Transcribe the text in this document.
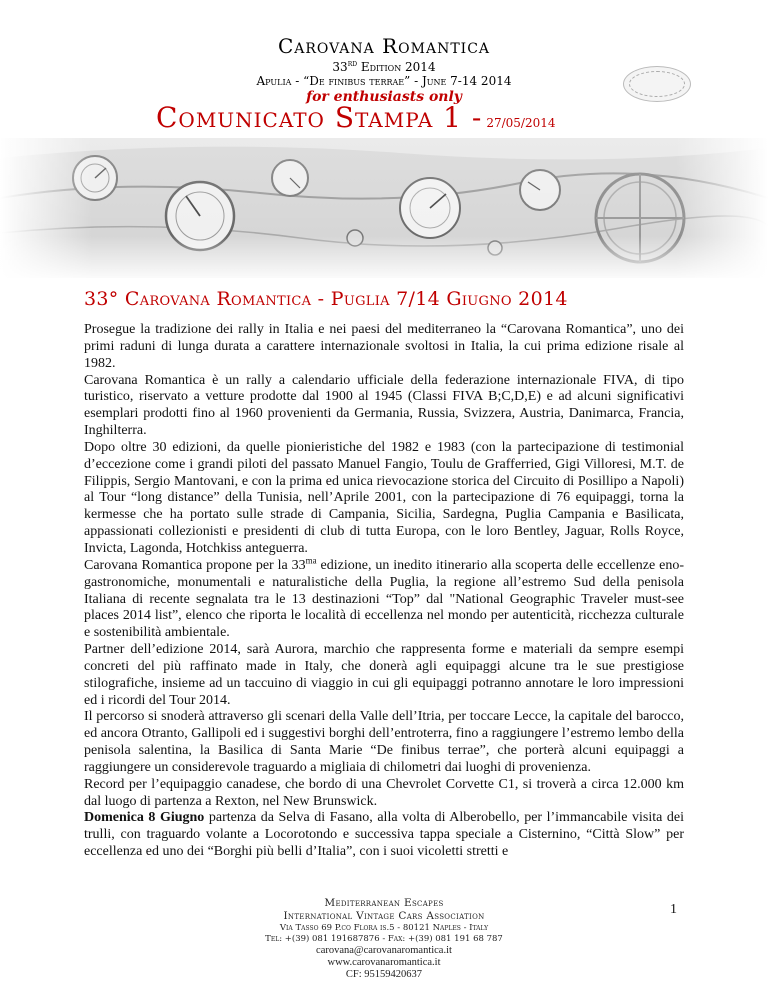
Carovana Romantica
33rd Edition 2014
Apulia - “De finibus terrae” - June 7-14 2014
for enthusiasts only
Comunicato Stampa 1 - 27/05/2014
33° Carovana Romantica - Puglia 7/14 Giugno 2014

Prosegue la tradizione dei rally in Italia e nei paesi del mediterraneo la “Carovana Romantica”, uno dei primi raduni di lunga durata a carattere internazionale svoltosi in Italia, la cui prima edizione risale al 1982.

Carovana Romantica è un rally a calendario ufficiale della federazione internazionale FIVA, di tipo turistico, riservato a vetture prodotte dal 1900 al 1945 (Classi FIVA B;C,D,E) e ad alcuni significativi esemplari prodotti fino al 1960 provenienti da Germania, Russia, Svizzera, Austria, Danimarca, Francia, Inghilterra.

Dopo oltre 30 edizioni, da quelle pionieristiche del 1982 e 1983 (con la partecipazione di testimonial d’eccezione come i grandi piloti del passato Manuel Fangio, Toulu de Grafferried, Gigi Villoresi, M.T. de Filippis, Sergio Mantovani, e con la prima ed unica rievocazione storica del Circuito di Posillipo a Napoli) al Tour “long distance” della Tunisia, nell’Aprile 2001, con la partecipazione di 76 equipaggi, torna la kermesse che ha portato sulle strade di Campania, Sicilia, Sardegna, Puglia Campania e Basilicata, appassionati collezionisti e presidenti di club di tutta Europa, con le loro Bentley, Jaguar, Rolls Royce, Invicta, Lagonda, Hotchkiss anteguerra.

Carovana Romantica propone per la $33^{ma}$ edizione, un inedito itinerario alla scoperta delle eccellenze eno-gastronomiche, monumentali e naturalistiche della Puglia, la regione all’estremo Sud della penisola Italiana di recente segnalata tra le 13 destinazioni “Top” dal "National Geographic Traveler must-see places 2014 list”, elenco che riporta le località di eccellenza nel mondo per autenticità, ricchezza culturale e sostenibilità ambientale.

Partner dell’edizione 2014, sarà Aurora, marchio che rappresenta forme e materiali da sempre esempi concreti del più raffinato made in Italy, che donerà agli equipaggi alcune tra le sue prestigiose stilografiche, insieme ad un taccuino di viaggio in cui gli equipaggi potranno annotare le loro impressioni ed i ricordi del Tour 2014.

Il percorso si snoderà attraverso gli scenari della Valle dell’Itria, per toccare Lecce, la capitale del barocco, ed ancora Otranto, Gallipoli ed i suggestivi borghi dell’entroterra, fino a raggiungere l’estremo lembo della penisola salentina, la Basilica di Santa Marie “De finibus terrae”, che porterà alcuni equipaggi a raggiungere un considerevole traguardo a migliaia di chilometri dai luoghi di provenienza.

Record per l’equipaggio canadese, che bordo di una Chevrolet Corvette C1, si troverà a circa 12.000 km dal luogo di partenza a Rexton, nel New Brunswick.

Domenica 8 Giugno partenza da Selva di Fasano, alla volta di Alberobello, per l’immancabile visita dei trulli, con traguardo volante a Locorotondo e successiva tappa speciale a Cisternino, “Città Slow” per eccellenza ed uno dei “Borghi più belli d’Italia”, con i suoi vicoletti stretti e

1
Mediterranean Escapes
International Vintage Cars Association
Via Tasso 69 P.co Flora is.5 - 80121 Naples - Italy
Tel: +(39) 081 191687876 - Fax: +(39) 081 191 68 787
carovana@carovanaromantica.it
www.carovanaromantica.it
CF: 95159420637
